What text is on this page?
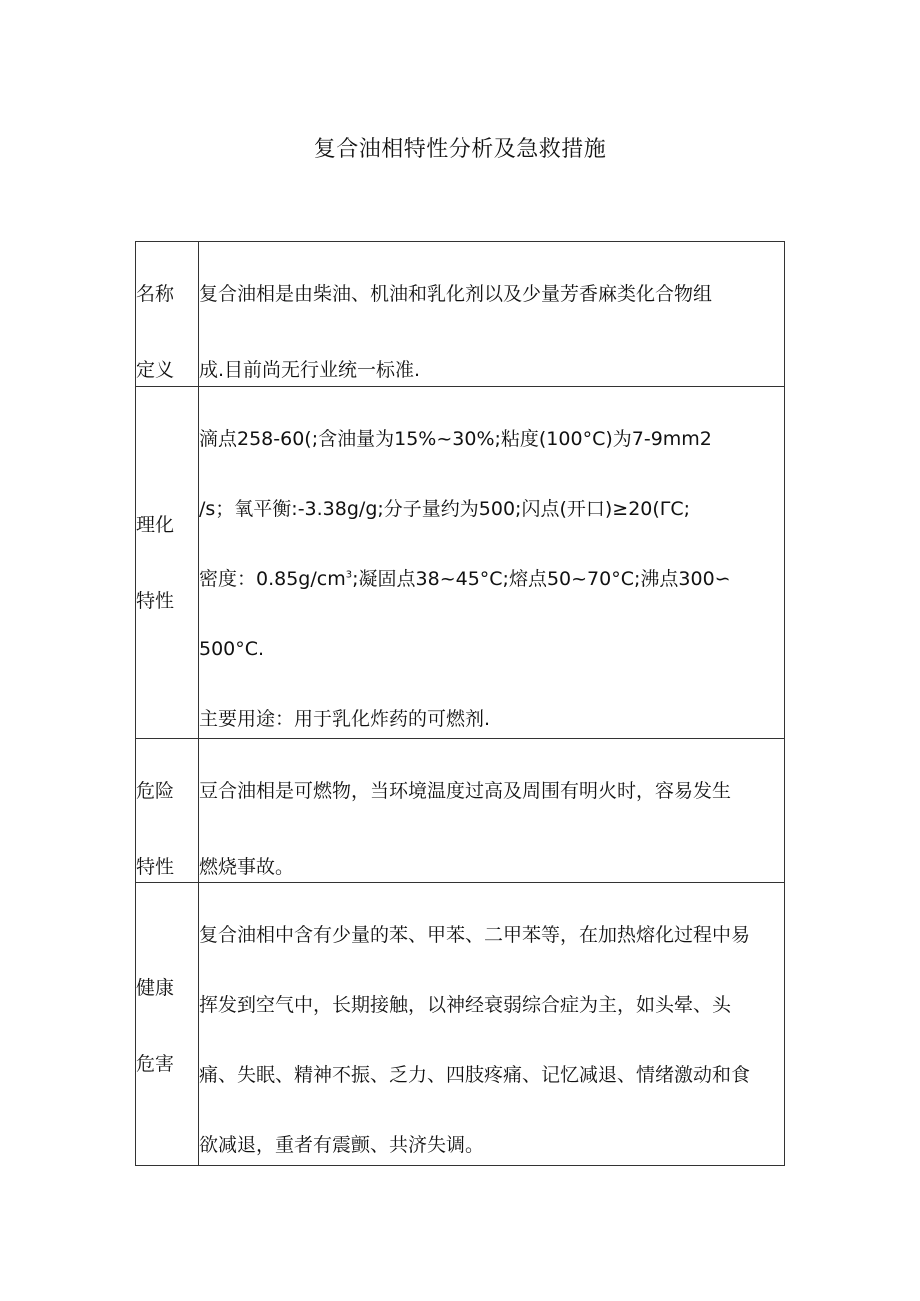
复合油相特性分析及急救措施
名称
定义	复合油相是由柴油、机油和乳化剂以及少量芳香麻类化合物组
成.目前尚无行业统一标准.

理化
特性	滴点258-60(;含油量为15%~30%;粘度(100°C)为7-9mm2
/s；氧平衡:-3.38g/g;分子量约为500;闪点(开口)≥20(ΓC;
密度：$0.85g/cm^3$;凝固点38~45°C;熔点50~70°C;沸点300∽
500°C.
主要用途：用于乳化炸药的可燃剂.

危险
特性	豆合油相是可燃物，当环境温度过高及周围有明火时，容易发生
燃烧事故。

健康
危害	复合油相中含有少量的苯、甲苯、二甲苯等，在加热熔化过程中易
挥发到空气中，长期接触，以神经衰弱综合症为主，如头晕、头
痛、失眠、精神不振、乏力、四肢疼痛、记忆减退、情绪激动和食
欲减退，重者有震颤、共济失调。
